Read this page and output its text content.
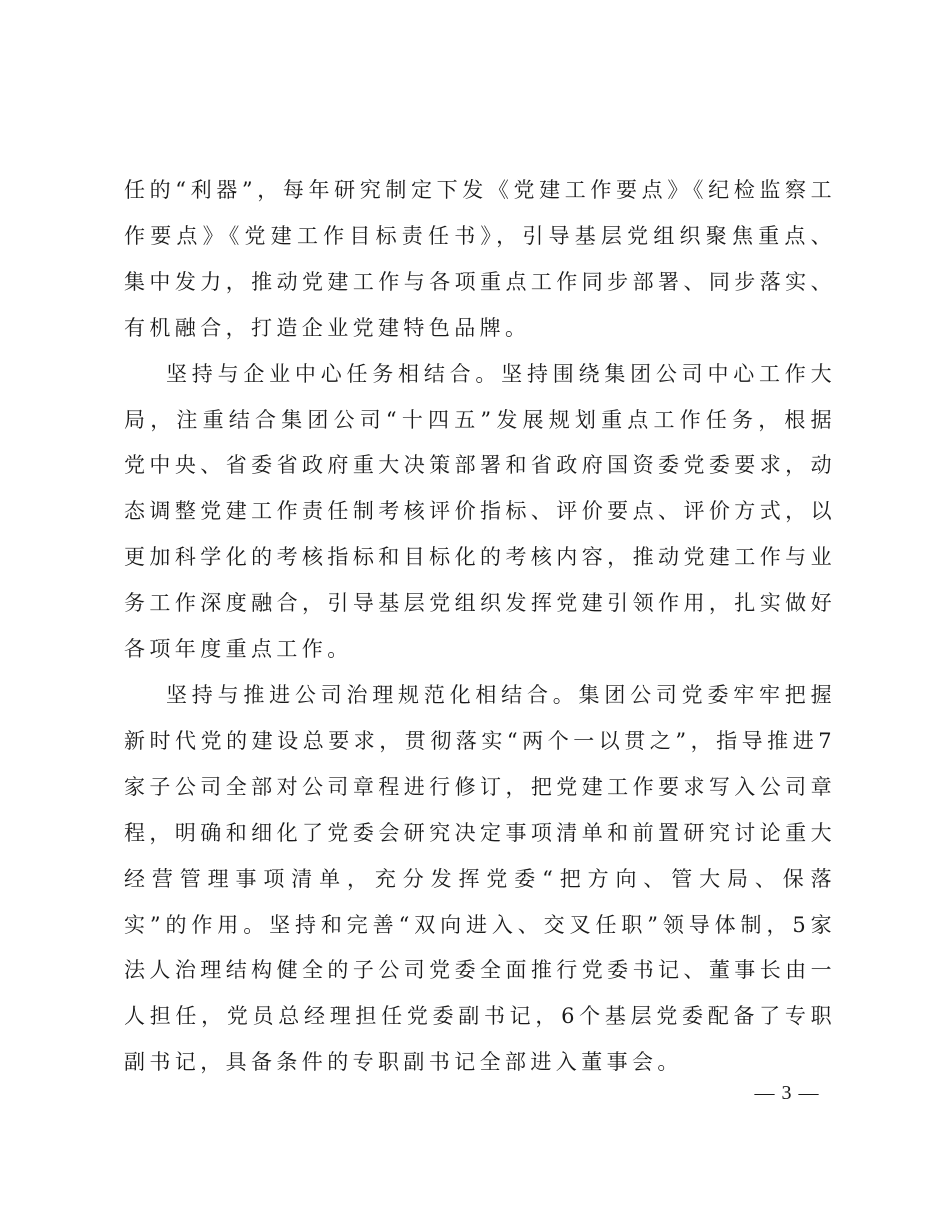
任的“利器”，每年研究制定下发《党建工作要点》《纪检监察工作要点》《党建工作目标责任书》，引导基层党组织聚焦重点、集中发力，推动党建工作与各项重点工作同步部署、同步落实、有机融合，打造企业党建特色品牌。

坚持与企业中心任务相结合。坚持围绕集团公司中心工作大局，注重结合集团公司“十四五”发展规划重点工作任务，根据党中央、省委省政府重大决策部署和省政府国资委党委要求，动态调整党建工作责任制考核评价指标、评价要点、评价方式，以更加科学化的考核指标和目标化的考核内容，推动党建工作与业务工作深度融合，引导基层党组织发挥党建引领作用，扎实做好各项年度重点工作。

坚持与推进公司治理规范化相结合。集团公司党委牢牢把握新时代党的建设总要求，贯彻落实“两个一以贯之”，指导推进7家子公司全部对公司章程进行修订，把党建工作要求写入公司章程，明确和细化了党委会研究决定事项清单和前置研究讨论重大经营管理事项清单，充分发挥党委“把方向、管大局、保落实”的作用。坚持和完善“双向进入、交叉任职”领导体制，5家法人治理结构健全的子公司党委全面推行党委书记、董事长由一人担任，党员总经理担任党委副书记，6个基层党委配备了专职副书记，具备条件的专职副书记全部进入董事会。

— 3 —
